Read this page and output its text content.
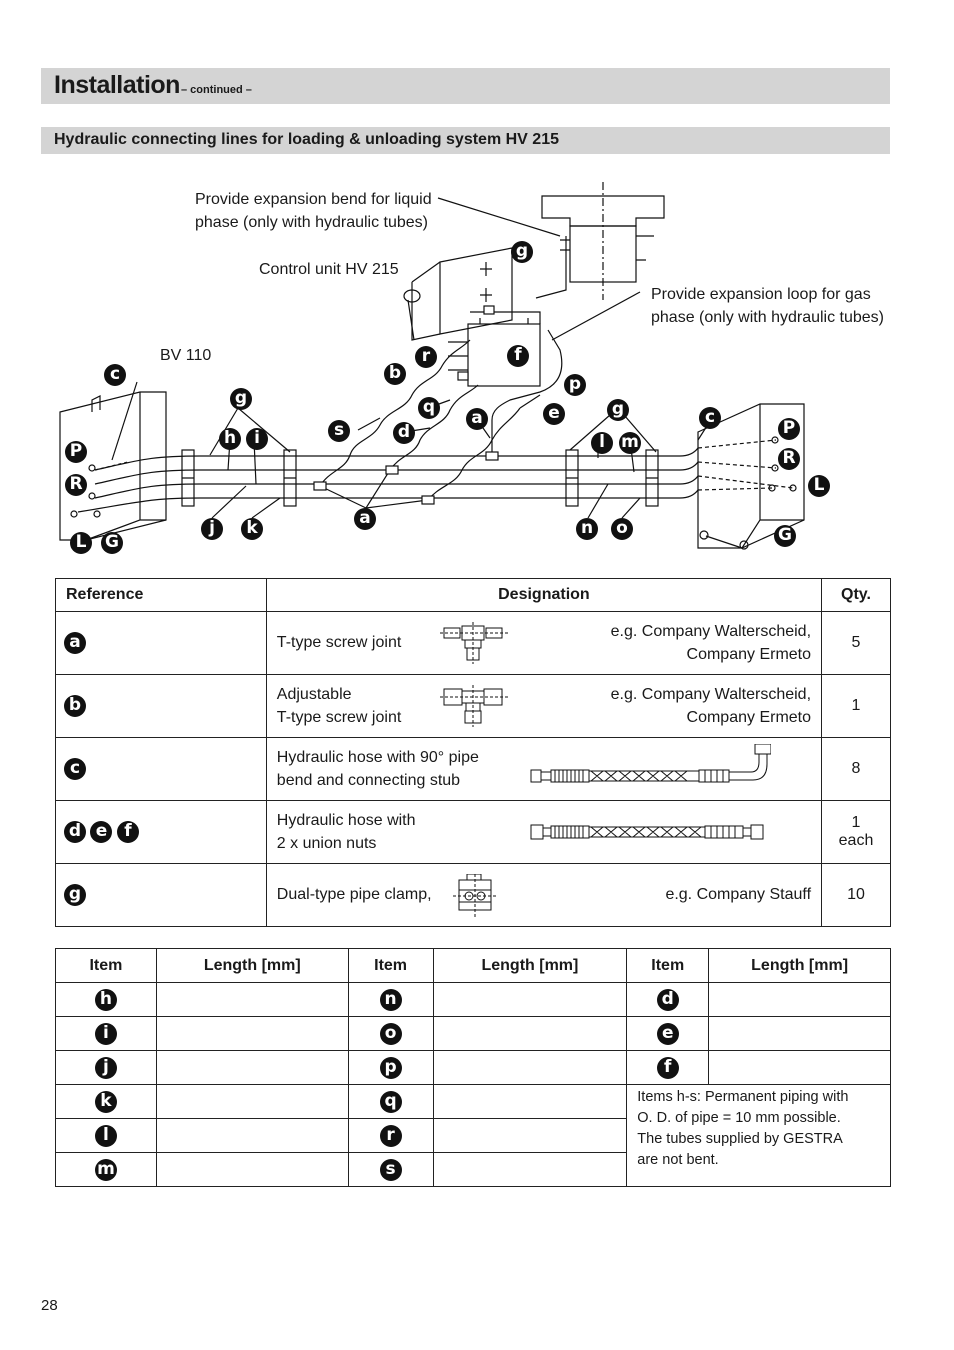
Installation – continued –
Hydraulic connecting lines for loading & unloading system HV 215
Provide expansion bend for liquid
phase (only with hydraulic tubes)
Control unit HV 215
Provide expansion loop for gas
phase (only with hydraulic tubes)
BV 110
c
g
h	i
P
R
L	G
j	k
s	d
b
r
q
a
a
g
f
p
e	g
l m
n	o
c
P
R
L
G
Reference	Designation	Qty.
a	T-type screw joint
e.g. Company Walterscheid,
Company Ermeto	5
b	Adjustable
T-type screw joint
e.g. Company Walterscheid,
Company Ermeto	1
c	Hydraulic hose with 90° pipe
bend and connecting stub	8
d e f	Hydraulic hose with
2 x union nuts	1 each
g	Dual-type pipe clamp, e.g. Company Stauff	10
Item	Length [mm]	Item	Length [mm]	Item	Length [mm]
h		n		d	
i		o		e	
j		p		f	
k		q		Items h-s: Permanent piping with
O. D. of pipe = 10 mm possible.
The tubes supplied by GESTRA
are not bent.	

l		r			
m		s			
28
